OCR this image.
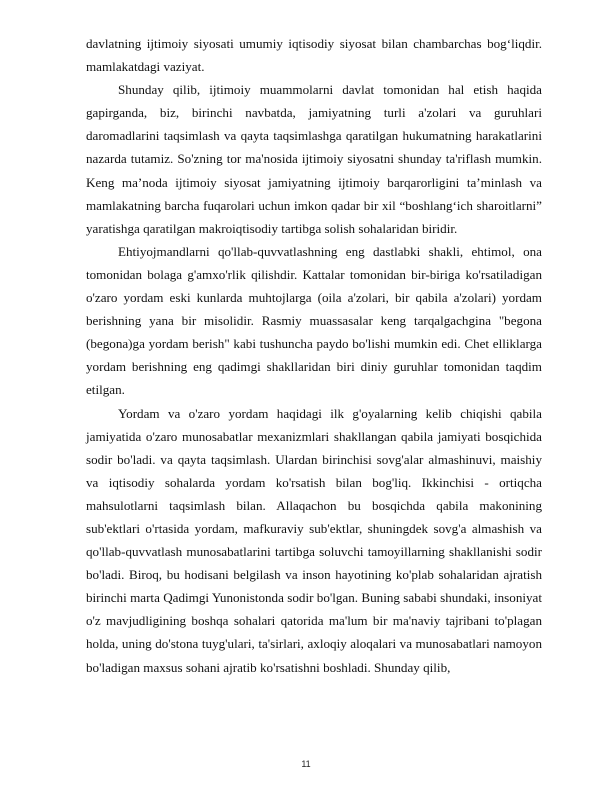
davlatning ijtimoiy siyosati umumiy iqtisodiy siyosat bilan chambarchas bog‘liqdir. mamlakatdagi vaziyat.

Shunday qilib, ijtimoiy muammolarni davlat tomonidan hal etish haqida gapirganda, biz, birinchi navbatda, jamiyatning turli a'zolari va guruhlari daromadlarini taqsimlash va qayta taqsimlashga qaratilgan hukumatning harakatlarini nazarda tutamiz. So'zning tor ma'nosida ijtimoiy siyosatni shunday ta'riflash mumkin. Keng ma’noda ijtimoiy siyosat jamiyatning ijtimoiy barqarorligini ta’minlash va mamlakatning barcha fuqarolari uchun imkon qadar bir xil “boshlang‘ich sharoitlarni” yaratishga qaratilgan makroiqtisodiy tartibga solish sohalaridan biridir.

Ehtiyojmandlarni qo'llab-quvvatlashning eng dastlabki shakli, ehtimol, ona tomonidan bolaga g'amxo'rlik qilishdir. Kattalar tomonidan bir-biriga ko'rsatiladigan o'zaro yordam eski kunlarda muhtojlarga (oila a'zolari, bir qabila a'zolari) yordam berishning yana bir misolidir. Rasmiy muassasalar keng tarqalgachgina "begona (begona)ga yordam berish" kabi tushuncha paydo bo'lishi mumkin edi. Chet elliklarga yordam berishning eng qadimgi shakllaridan biri diniy guruhlar tomonidan taqdim etilgan.

Yordam va o'zaro yordam haqidagi ilk g'oyalarning kelib chiqishi qabila jamiyatida o'zaro munosabatlar mexanizmlari shakllangan qabila jamiyati bosqichida sodir bo'ladi. va qayta taqsimlash. Ulardan birinchisi sovg'alar almashinuvi, maishiy va iqtisodiy sohalarda yordam ko'rsatish bilan bog'liq. Ikkinchisi - ortiqcha mahsulotlarni taqsimlash bilan. Allaqachon bu bosqichda qabila makonining sub'ektlari o'rtasida yordam, mafkuraviy sub'ektlar, shuningdek sovg'a almashish va qo'llab-quvvatlash munosabatlarini tartibga soluvchi tamoyillarning shakllanishi sodir bo'ladi. Biroq, bu hodisani belgilash va inson hayotining ko'plab sohalaridan ajratish birinchi marta Qadimgi Yunonistonda sodir bo'lgan. Buning sababi shundaki, insoniyat o'z mavjudligining boshqa sohalari qatorida ma'lum bir ma'naviy tajribani to'plagan holda, uning do'stona tuyg'ulari, ta'sirlari, axloqiy aloqalari va munosabatlari namoyon bo'ladigan maxsus sohani ajratib ko'rsatishni boshladi. Shunday qilib,

11
